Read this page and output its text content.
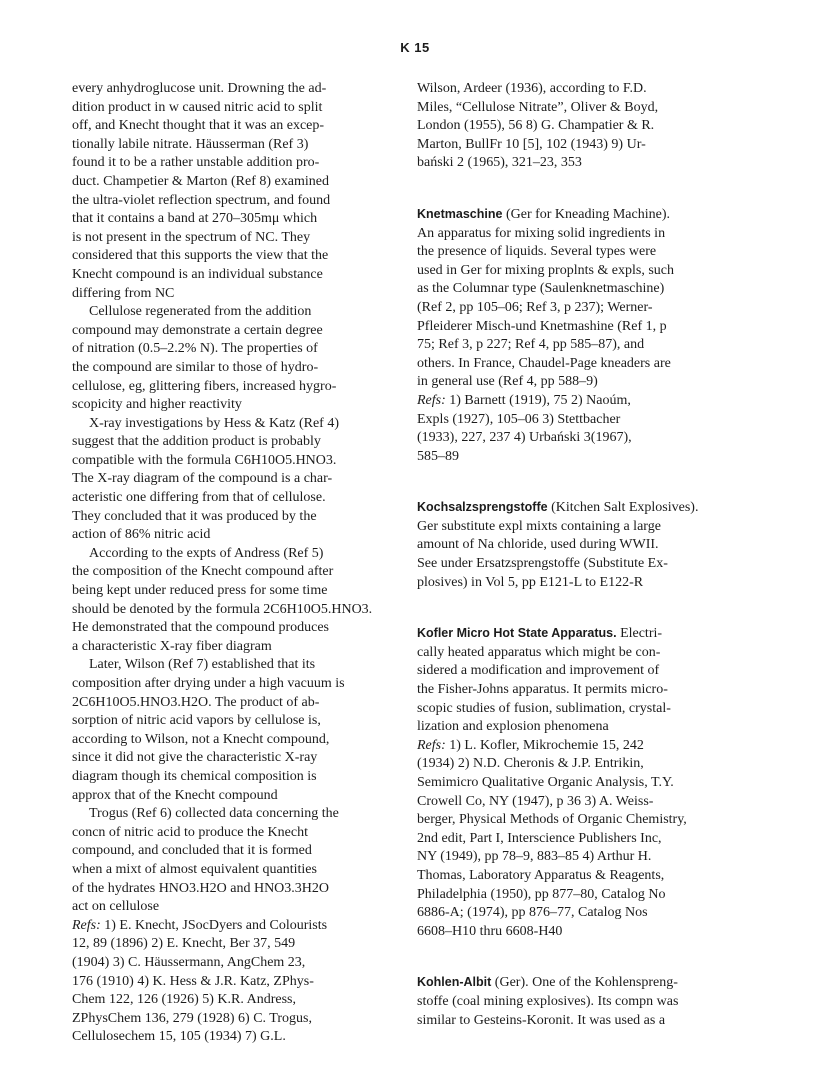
K 15
every anhydroglucose unit. Drowning the ad-
dition product in w caused nitric acid to split
off, and Knecht thought that it was an excep-
tionally labile nitrate. Häusserman (Ref 3)
found it to be a rather unstable addition pro-
duct. Champetier & Marton (Ref 8) examined
the ultra-violet reflection spectrum, and found
that it contains a band at 270–305mμ which
is not present in the spectrum of NC. They
considered that this supports the view that the
Knecht compound is an individual substance
differing from NC
Cellulose regenerated from the addition
compound may demonstrate a certain degree
of nitration (0.5–2.2% N). The properties of
the compound are similar to those of hydro-
cellulose, eg, glittering fibers, increased hygro-
scopicity and higher reactivity
X-ray investigations by Hess & Katz (Ref 4)
suggest that the addition product is probably
compatible with the formula C6H10O5.HNO3.
The X-ray diagram of the compound is a char-
acteristic one differing from that of cellulose.
They concluded that it was produced by the
action of 86% nitric acid
According to the expts of Andress (Ref 5)
the composition of the Knecht compound after
being kept under reduced press for some time
should be denoted by the formula 2C6H10O5.HNO3.
He demonstrated that the compound produces
a characteristic X-ray fiber diagram
Later, Wilson (Ref 7) established that its
composition after drying under a high vacuum is
2C6H10O5.HNO3.H2O. The product of ab-
sorption of nitric acid vapors by cellulose is,
according to Wilson, not a Knecht compound,
since it did not give the characteristic X-ray
diagram though its chemical composition is
approx that of the Knecht compound
Trogus (Ref 6) collected data concerning the
concn of nitric acid to produce the Knecht
compound, and concluded that it is formed
when a mixt of almost equivalent quantities
of the hydrates HNO3.H2O and HNO3.3H2O
act on cellulose
Refs: 1) E. Knecht, JSocDyers and Colourists
12, 89 (1896) 2) E. Knecht, Ber 37, 549
(1904) 3) C. Häussermann, AngChem 23,
176 (1910) 4) K. Hess & J.R. Katz, ZPhys-
Chem 122, 126 (1926) 5) K.R. Andress,
ZPhysChem 136, 279 (1928) 6) C. Trogus,
Cellulosechem 15, 105 (1934) 7) G.L.
Wilson, Ardeer (1936), according to F.D.
Miles, “Cellulose Nitrate”, Oliver & Boyd,
London (1955), 56 8) G. Champatier & R.
Marton, BullFr 10 [5], 102 (1943) 9) Ur-
bański 2 (1965), 321–23, 353
Knetmaschine (Ger for Kneading Machine).
An apparatus for mixing solid ingredients in
the presence of liquids. Several types were
used in Ger for mixing proplnts & expls, such
as the Columnar type (Saulenknetmaschine)
(Ref 2, pp 105–06; Ref 3, p 237); Werner-
Pfleiderer Misch-und Knetmashine (Ref 1, p
75; Ref 3, p 227; Ref 4, pp 585–87), and
others. In France, Chaudel-Page kneaders are
in general use (Ref 4, pp 588–9)
Refs: 1) Barnett (1919), 75 2) Naoúm,
Expls (1927), 105–06 3) Stettbacher
(1933), 227, 237 4) Urbański 3(1967),
585–89
Kochsalzsprengstoffe (Kitchen Salt Explosives).
Ger substitute expl mixts containing a large
amount of Na chloride, used during WWII.
See under Ersatzsprengstoffe (Substitute Ex-
plosives) in Vol 5, pp E121-L to E122-R
Kofler Micro Hot State Apparatus. Electri-
cally heated apparatus which might be con-
sidered a modification and improvement of
the Fisher-Johns apparatus. It permits micro-
scopic studies of fusion, sublimation, crystal-
lization and explosion phenomena
Refs: 1) L. Kofler, Mikrochemie 15, 242
(1934) 2) N.D. Cheronis & J.P. Entrikin,
Semimicro Qualitative Organic Analysis, T.Y.
Crowell Co, NY (1947), p 36 3) A. Weiss-
berger, Physical Methods of Organic Chemistry,
2nd edit, Part I, Interscience Publishers Inc,
NY (1949), pp 78–9, 883–85 4) Arthur H.
Thomas, Laboratory Apparatus & Reagents,
Philadelphia (1950), pp 877–80, Catalog No
6886-A; (1974), pp 876–77, Catalog Nos
6608–H10 thru 6608-H40
Kohlen-Albit (Ger). One of the Kohlenspreng-
stoffe (coal mining explosives). Its compn was
similar to Gesteins-Koronit. It was used as a
